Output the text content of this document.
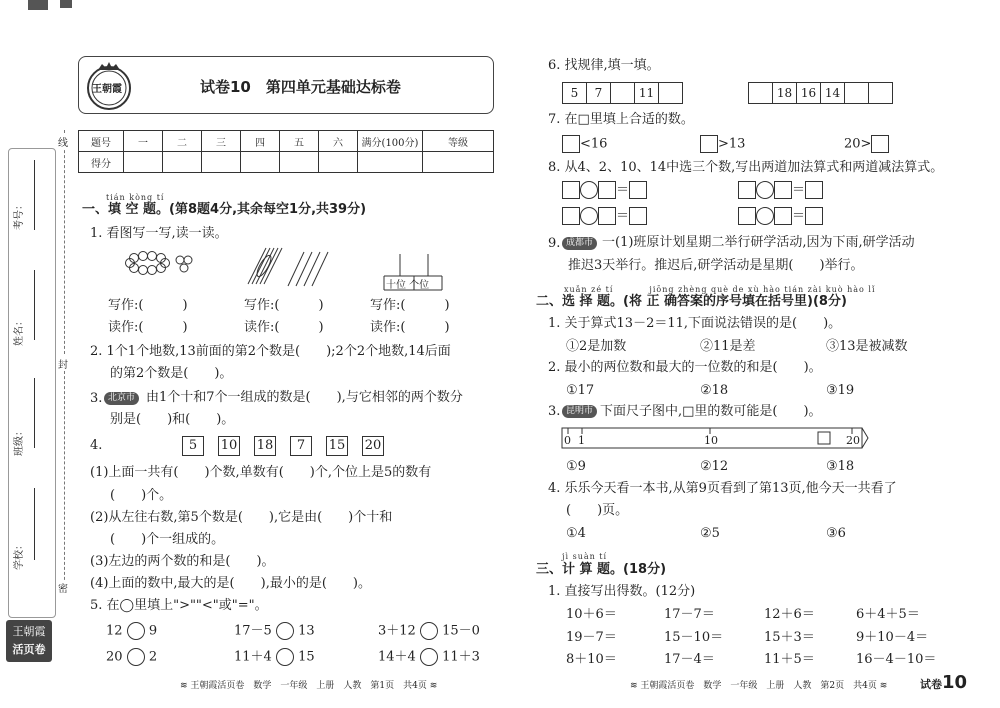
线
封
密
考号：
姓名：
班级：
学校：
王朝霞
活页卷
王朝霞	试卷10　第四单元基础达标卷
题号	一	二	三	四	五	六	满分(100分)	等级
得分								
tián kòng tí
一、填 空 题。(第8题4分,其余每空1分,共39分)
1. 看图写一写,读一读。
十位 个位
写作:(　　　)	写作:(　　　)	写作:(　　　)
读作:(　　　)	读作:(　　　)	读作:(　　　)
2. 1个1个地数,13前面的第2个数是(　　);2个2个地数,14后面
的第2个数是(　　)。
3. 北京市 由1个十和7个一组成的数是(　　),与它相邻的两个数分
别是(　　)和(　　)。
4.	5	10 18	7	15 20
(1)上面一共有(　　)个数,单数有(　　)个,个位上是5的数有
(　　)个。
(2)从左往右数,第5个数是(　　),它是由(　　)个十和
(　　)个一组成的。
(3)左边的两个数的和是(　　)。
(4)上面的数中,最大的是(　　),最小的是(　　)。
5. 在◯里填上">""<"或"="。
12 9	17－5 13	3＋12 15－0
20 2	11＋4 15	14＋4 11＋3
≋ 王朝霞活页卷　数学　一年级　上册　人教　第1页　共4页 ≋
6. 找规律,填一填。
5	7	11	18 16 14
7. 在□里填上合适的数。
<16	>13	20>
8. 从4、2、10、14中选三个数,写出两道加法算式和两道减法算式。
＝	＝
＝	＝
9. 成都市 一(1)班原计划星期二举行研学活动,因为下雨,研学活动
推迟3天举行。推迟后,研学活动是星期(　　)举行。
xuǎn zé tí　　　　jiōng zhèng què de xù hào tián zài kuò hào lǐ
二、选 择 题。(将 正 确答案的序号填在括号里)(8分)
1. 关于算式13－2＝11,下面说法错误的是(　　)。
①2是加数	②11是差	③13是被减数
2. 最小的两位数和最大的一位数的和是(　　)。
①17	②18	③19
3. 昆明市 下面尺子图中,□里的数可能是(　　)。
0 1	10	20
①9	②12	③18
4. 乐乐今天看一本书,从第9页看到了第13页,他今天一共看了
(　　)页。
①4	②5	③6
jì suàn tí
三、计 算 题。(18分)
1. 直接写出得数。(12分)
10＋6＝	17－7＝	12＋6＝	6＋4＋5＝
19－7＝	15－10＝	15＋3＝	9＋10－4＝
8＋10＝	17－4＝	11＋5＝	16－4－10＝
≋ 王朝霞活页卷　数学　一年级　上册　人教　第2页　共4页 ≋	试卷10
